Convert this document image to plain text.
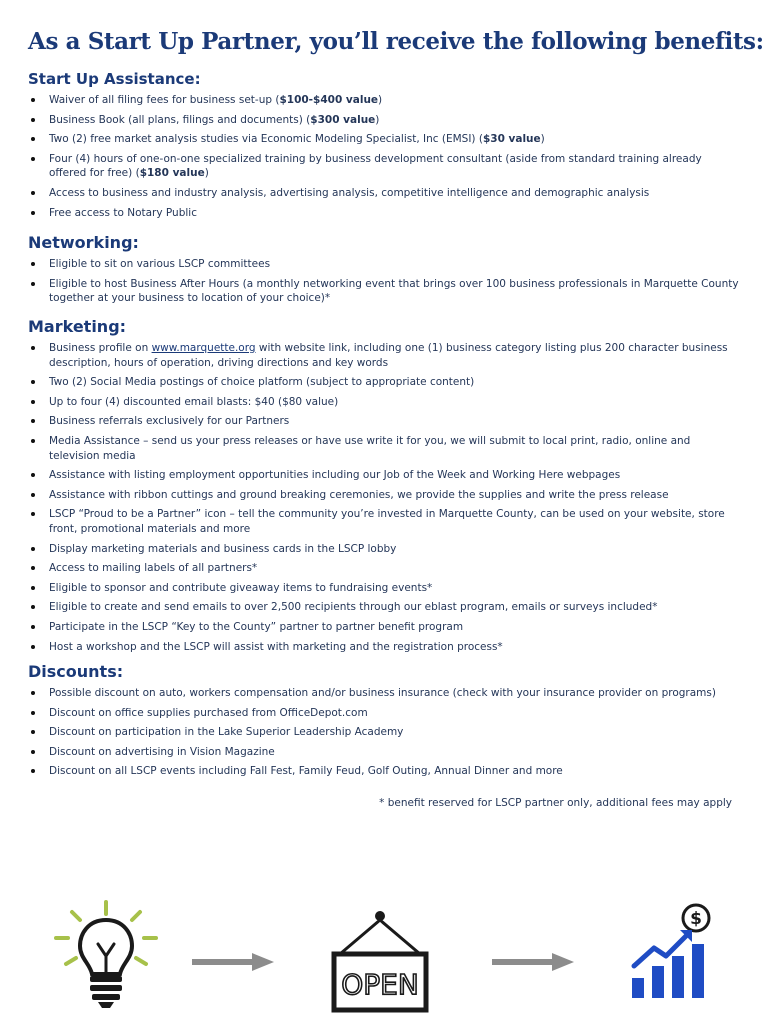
As a Start Up Partner, you’ll receive the following benefits:
Start Up Assistance:
Waiver of all filing fees for business set-up ($100-$400 value)
Business Book (all plans, filings and documents) ($300 value)
Two (2) free market analysis studies via Economic Modeling Specialist, Inc (EMSI) ($30 value)
Four (4) hours of one-on-one specialized training by business development consultant (aside from standard training already offered for free) ($180 value)
Access to business and industry analysis, advertising analysis, competitive intelligence and demographic analysis
Free access to Notary Public
Networking:
Eligible to sit on various LSCP committees
Eligible to host Business After Hours (a monthly networking event that brings over 100 business professionals in Marquette County together at your business to location of your choice)*
Marketing:
Business profile on www.marquette.org with website link, including one (1) business category listing plus 200 character business description, hours of operation, driving directions and key words
Two (2) Social Media postings of choice platform (subject to appropriate content)
Up to four (4) discounted email blasts: $40 ($80 value)
Business referrals exclusively for our Partners
Media Assistance – send us your press releases or have use write it for you, we will submit to local print, radio, online and television media
Assistance with listing employment opportunities including our Job of the Week and Working Here webpages
Assistance with ribbon cuttings and ground breaking ceremonies, we provide the supplies and write the press release
LSCP “Proud to be a Partner” icon – tell the community you’re invested in Marquette County, can be used on your website, store front, promotional materials and more
Display marketing materials and business cards in the LSCP lobby
Access to mailing labels of all partners*
Eligible to sponsor and contribute giveaway items to fundraising events*
Eligible to create and send emails to over 2,500 recipients through our eblast program, emails or surveys included*
Participate in the LSCP “Key to the County” partner to partner benefit program
Host a workshop and the LSCP will assist with marketing and the registration process*
Discounts:
Possible discount on auto, workers compensation and/or business insurance (check with your insurance provider on programs)
Discount on office supplies purchased from OfficeDepot.com
Discount on participation in the Lake Superior Leadership Academy
Discount on advertising in Vision Magazine
Discount on all LSCP events including Fall Fest, Family Feud, Golf Outing, Annual Dinner and more
* benefit reserved for LSCP partner only, additional fees may apply
OPEN
$
